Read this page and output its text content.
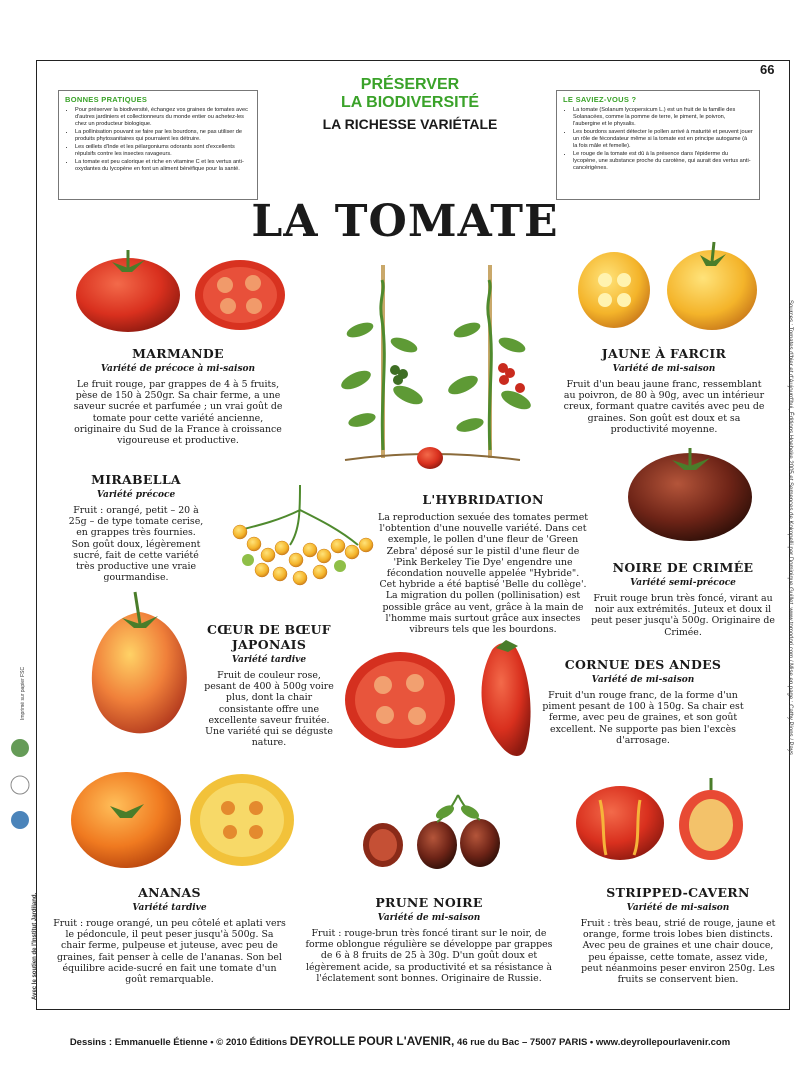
66
BONNES PRATIQUES
• Pour préserver la biodiversité, échangez vos graines de tomates avec d'autres jardiniers et collectionneurs du monde entier ou achetez-les chez un producteur biologique.
• La pollinisation pouvant se faire par les bourdons, ne pas utiliser de produits phytosanitaires qui pourraient les détruire.
• Les œillets d'Inde et les pélargoniums odorants sont d'excellents répulsifs contre les insectes ravageurs.
• La tomate est peu calorique et riche en vitamine C et les vertus anti-oxydantes du lycopène en font un aliment bénéfique pour la santé.
LE SAVIEZ-VOUS ?
• La tomate (Solanum lycopersicum L.) est un fruit de la famille des Solanacées, comme la pomme de terre, le piment, le poivron, l'aubergine et le physalis.
• Les bourdons savent détecter le pollen arrivé à maturité et peuvent jouer un rôle de fécondateur même si la tomate est en principe autogame (à la fois mâle et femelle).
• Le rouge de la tomate est dû à la présence dans l'épiderme du lycopène, une substance proche du carotène, qui aurait des vertus anti-cancérigènes.
PRÉSERVER
LA BIODIVERSITÉ
LA RICHESSE VARIÉTALE
LA TOMATE
MARMANDE
Variété de précoce à mi-saison
Le fruit rouge, par grappes de 4 à 5 fruits, pèse de 150 à 250gr. Sa chair ferme, a une saveur sucrée et parfumée ; un vrai goût de tomate pour cette variété ancienne, originaire du Sud de la France à croissance vigoureuse et productive.
JAUNE À FARCIR
Variété de mi-saison
Fruit d'un beau jaune franc, ressemblant au poivron, de 80 à 90g, avec un intérieur creux, formant quatre cavités avec peu de graines. Son goût est doux et sa productivité moyenne.
MIRABELLA
Variété précoce
Fruit : orangé, petit – 20 à 25g – de type tomate cerise, en grappes très fournies. Son goût doux, légèrement sucré, fait de cette variété très productive une vraie gourmandise.
L'HYBRIDATION
La reproduction sexuée des tomates permet l'obtention d'une nouvelle variété. Dans cet exemple, le pollen d'une fleur de 'Green Zebra' déposé sur le pistil d'une fleur de 'Pink Berkeley Tie Dye' engendre une fécondation nouvelle appelée "Hybride". Cet hybride a été baptisé 'Belle du collège'. La migration du pollen (pollinisation) est possible grâce au vent, grâce à la main de l'homme mais surtout grâce aux insectes vibreurs tels que les bourdons.
NOIRE DE CRIMÉE
Variété semi-précoce
Fruit rouge brun très foncé, virant au noir aux extrémités. Juteux et doux il peut peser jusqu'à 500g. Originaire de Crimée.
CŒUR DE BŒUF JAPONAIS
Variété tardive
Fruit de couleur rose, pesant de 400 à 500g voire plus, dont la chair consistante offre une excellente saveur fruitée. Une variété qui se déguste nature.
CORNUE DES ANDES
Variété de mi-saison
Fruit d'un rouge franc, de la forme d'un piment pesant de 100 à 150g. Sa chair est ferme, avec peu de graines, et son goût excellent. Ne supporte pas bien l'excès d'arrosage.
ANANAS
Variété tardive
Fruit : rouge orangé, un peu côtelé et aplati vers le pédoncule, il peut peser jusqu'à 500g. Sa chair ferme, pulpeuse et juteuse, avec peu de graines, fait penser à celle de l'ananas. Son bel équilibre acide-sucré en fait une tomate d'un goût remarquable.
PRUNE NOIRE
Variété de mi-saison
Fruit : rouge-brun très foncé tirant sur le noir, de forme oblongue régulière se développe par grappes de 6 à 8 fruits de 25 à 30g. D'un goût doux et légèrement acide, sa productivité et sa résistance à l'éclatement sont bonnes. Originaire de Russie.
STRIPPED-CAVERN
Variété de mi-saison
Fruit : très beau, strié de rouge, jaune et orange, forme trois lobes bien distincts. Avec peu de graines et une chair douce, peu épaisse, cette tomate, assez vide, peut néanmoins peser environ 250g. Les fruits se conservent bien.
Sources : Tomates d'hier et d'Aujourd'hui, Éditions Hoebeke 2005 et Semences de Kokopelli par Dominique Guillet. www.tomodori.com / Mise en page : Cathy Pions / Pays.
Avec le soutien de l'Institut Jardiland.
Imprimé sur papier FSC
Dessins : Emmanuelle Étienne • © 2010 Éditions DEYROLLE POUR L'AVENIR, 46 rue du Bac – 75007 PARIS • www.deyrollepourlavenir.com
